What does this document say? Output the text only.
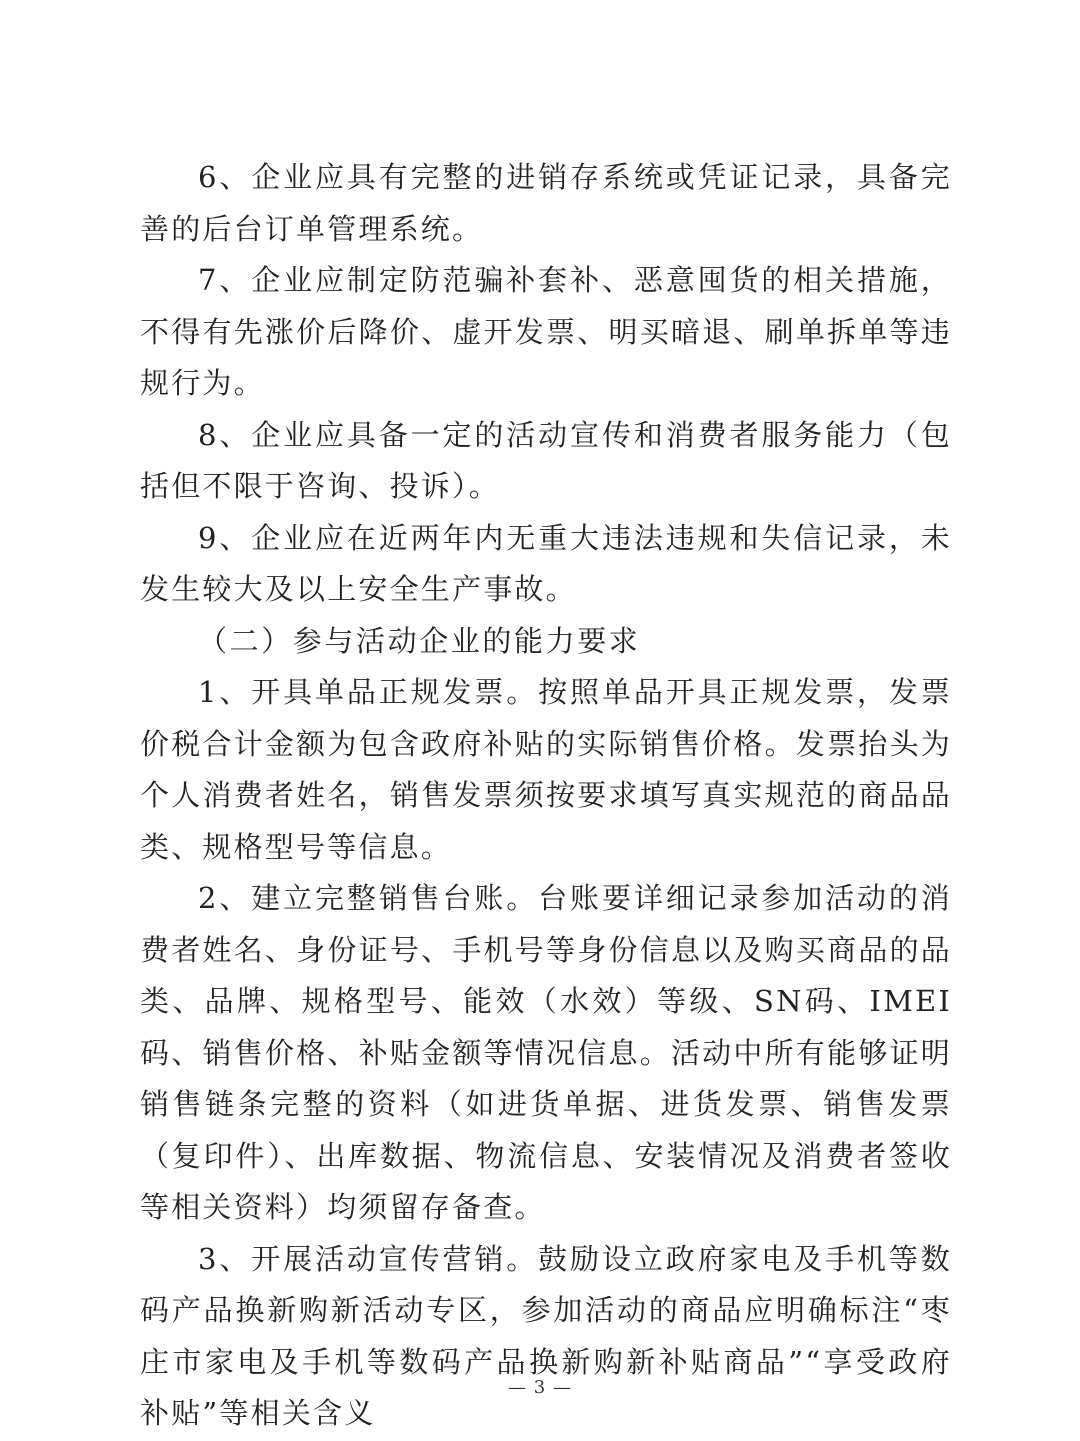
6、企业应具有完整的进销存系统或凭证记录，具备完善的后台订单管理系统。

7、企业应制定防范骗补套补、恶意囤货的相关措施，不得有先涨价后降价、虚开发票、明买暗退、刷单拆单等违规行为。

8、企业应具备一定的活动宣传和消费者服务能力（包括但不限于咨询、投诉）。

9、企业应在近两年内无重大违法违规和失信记录，未发生较大及以上安全生产事故。

（二）参与活动企业的能力要求

1、开具单品正规发票。按照单品开具正规发票，发票价税合计金额为包含政府补贴的实际销售价格。发票抬头为个人消费者姓名，销售发票须按要求填写真实规范的商品品类、规格型号等信息。

2、建立完整销售台账。台账要详细记录参加活动的消费者姓名、身份证号、手机号等身份信息以及购买商品的品类、品牌、规格型号、能效（水效）等级、SN码、IMEI码、销售价格、补贴金额等情况信息。活动中所有能够证明销售链条完整的资料（如进货单据、进货发票、销售发票（复印件）、出库数据、物流信息、安装情况及消费者签收等相关资料）均须留存备查。

3、开展活动宣传营销。鼓励设立政府家电及手机等数码产品换新购新活动专区，参加活动的商品应明确标注“枣庄市家电及手机等数码产品换新购新补贴商品”“享受政府补贴”等相关含义

— 3 —
